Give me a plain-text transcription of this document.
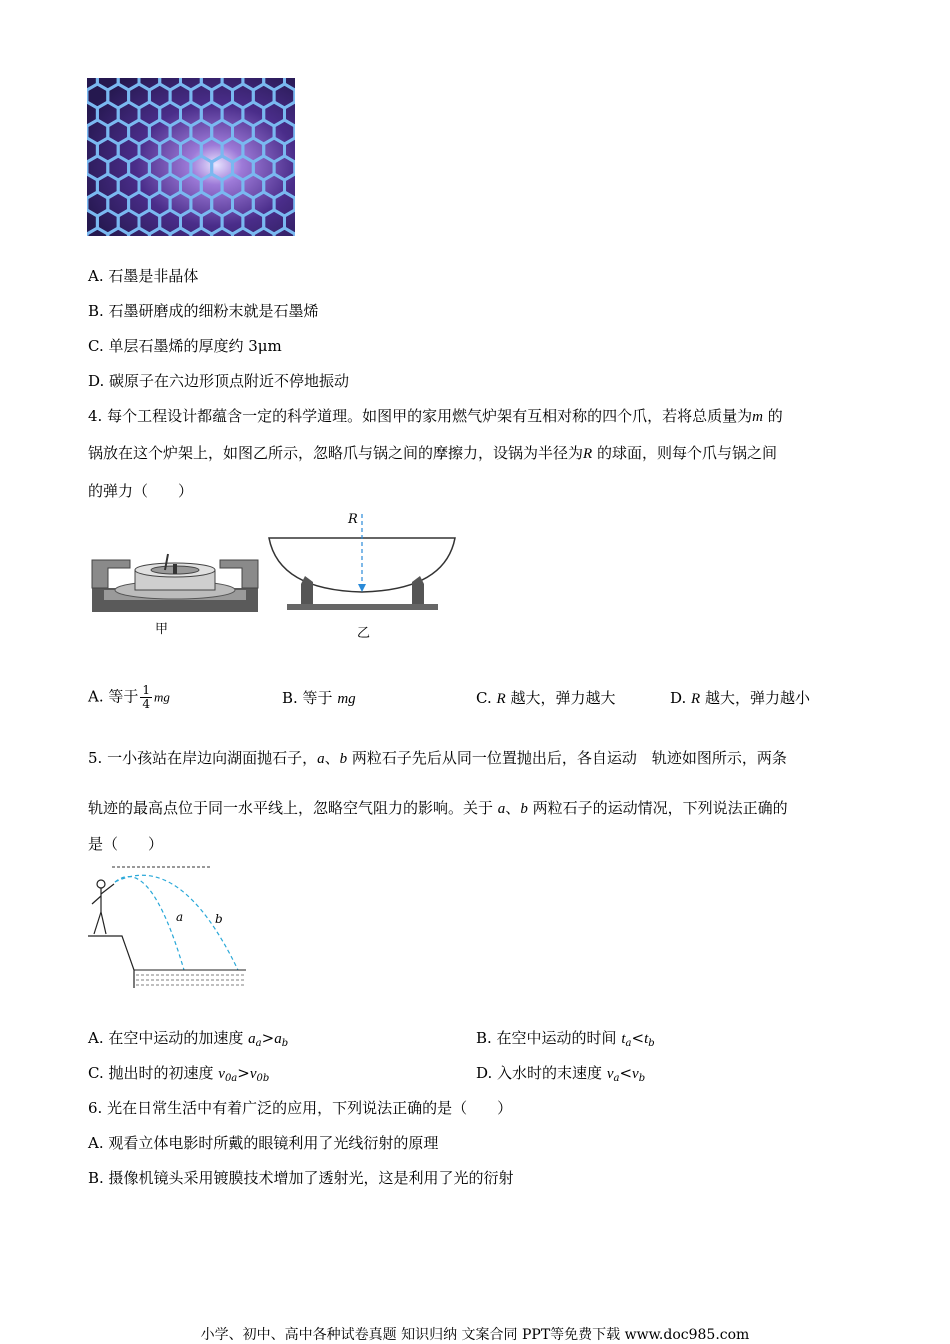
A. 石墨是非晶体
B. 石墨研磨成的细粉末就是石墨烯
C. 单层石墨烯的厚度约 3μm
D. 碳原子在六边形顶点附近不停地振动
4. 每个工程设计都蕴含一定的科学道理。如图甲的家用燃气炉架有互相对称的四个爪，若将总质量为m 的
锅放在这个炉架上，如图乙所示，忽略爪与锅之间的摩擦力，设锅为半径为R 的球面，则每个爪与锅之间
的弹力（　　）
甲
R
乙
A. 等于 $\frac{1}{4}$ mg	B. 等于 mg	C. R 越大，弹力越大	D. R 越大，弹力越小
5. 一小孩站在岸边向湖面抛石子，a、b 两粒石子先后从同一位置抛出后，各自运动　轨迹如图所示，两条
轨迹的最高点位于同一水平线上，忽略空气阻力的影响。关于 a、b 两粒石子的运动情况，下列说法正确的
是（　　）
a	b
A. 在空中运动的加速度 $a_a>a_b$	B. 在空中运动的时间 $t_a<t_b$
C. 抛出时的初速度 $v_{0a}>v_{0b}$	D. 入水时的末速度 $v_a<v_b$
6. 光在日常生活中有着广泛的应用，下列说法正确的是（　　）
A. 观看立体电影时所戴的眼镜利用了光线衍射的原理
B. 摄像机镜头采用镀膜技术增加了透射光，这是利用了光的衍射
小学、初中、高中各种试卷真题 知识归纳 文案合同 PPT等免费下载 www.doc985.com
